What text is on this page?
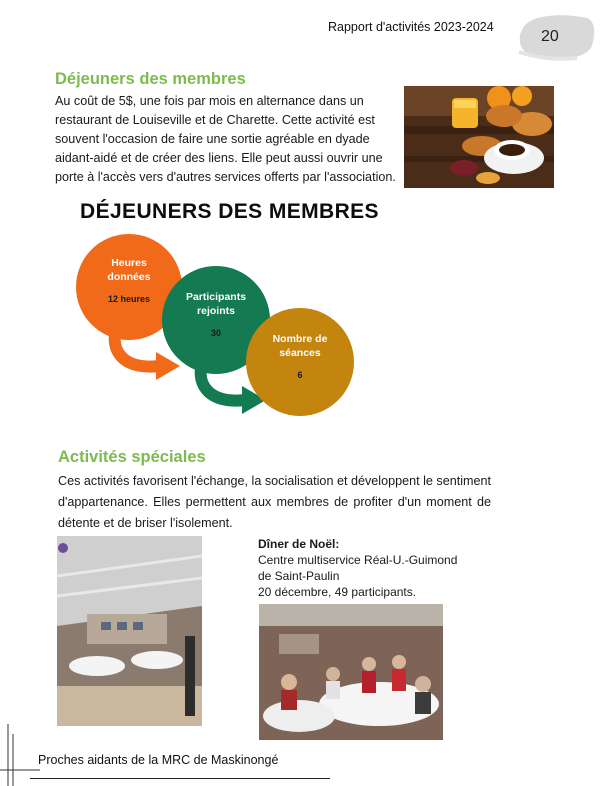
Rapport d'activités 2023-2024
20
Déjeuners des membres
Au coût de 5$, une fois par mois en alternance dans un restaurant de Louiseville et de Charette. Cette activité est souvent l'occasion de faire une sortie agréable en dyade aidant-aidé et de créer des liens. Elle peut aussi ouvrir une porte à l'accès vers d'autres services offerts par l'association.
DÉJEUNERS DES MEMBRES
Heures
données
12 heures	Participants
rejoints
30	Nombre de
séances
6
Activités spéciales
Ces activités favorisent l'échange, la socialisation et développent le sentiment d'appartenance. Elles permettent aux membres de profiter d'un moment de détente et de briser l'isolement.
Dîner de Noël:
Centre multiservice Réal-U.-Guimond
de Saint-Paulin
20 décembre, 49 participants.
Proches aidants de la MRC de Maskinongé
